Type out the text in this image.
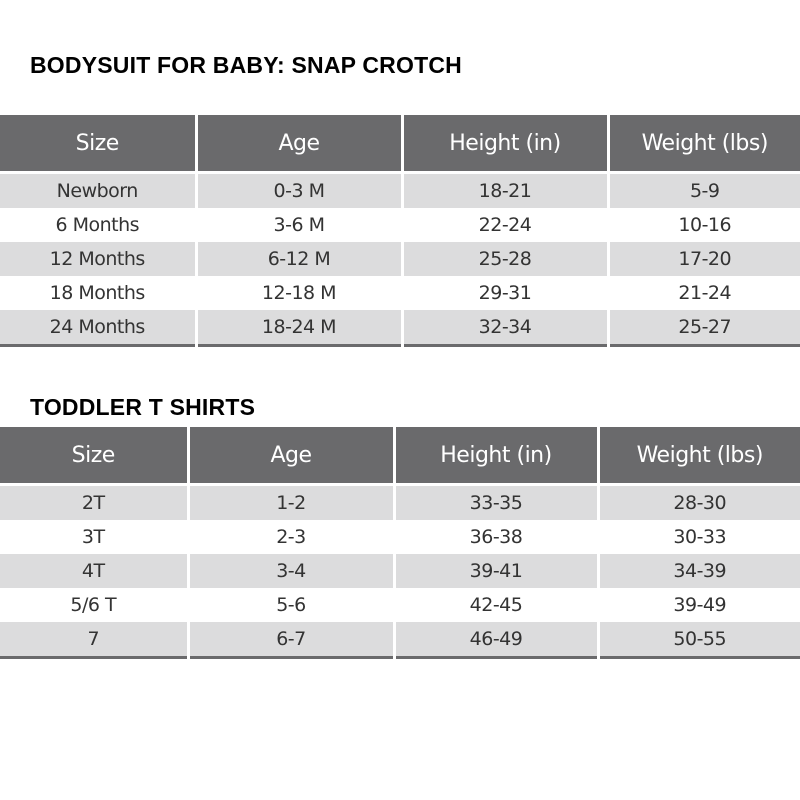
BODYSUIT FOR BABY: SNAP CROTCH
Size	Age	Height (in)	Weight (lbs)
Newborn	0-3 M	18-21	5-9
6 Months	3-6 M	22-24	10-16
12 Months	6-12 M	25-28	17-20
18 Months	12-18 M	29-31	21-24
24 Months	18-24 M	32-34	25-27
TODDLER T SHIRTS
Size	Age	Height (in)	Weight (lbs)
2T	1-2	33-35	28-30
3T	2-3	36-38	30-33
4T	3-4	39-41	34-39
5/6 T	5-6	42-45	39-49
7	6-7	46-49	50-55
